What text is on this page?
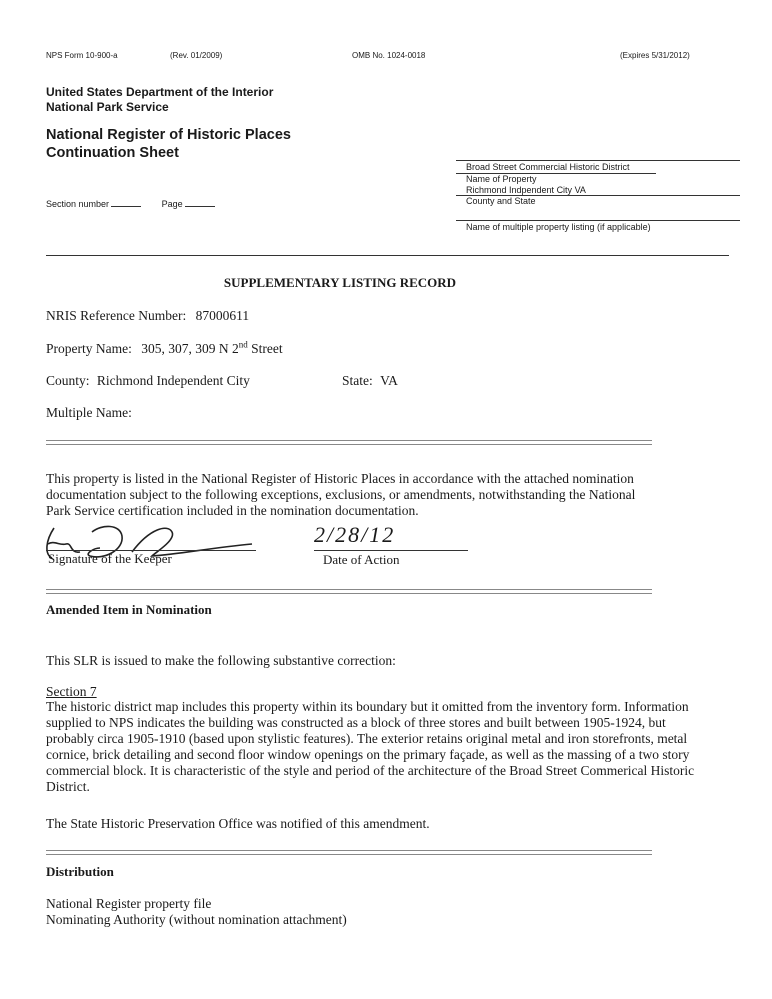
NPS Form 10-900-a	(Rev. 01/2009)	OMB No. 1024-0018	(Expires 5/31/2012)
United States Department of the Interior
National Park Service
National Register of Historic Places
Continuation Sheet
Section number	Page
Broad Street Commercial Historic District
Name of Property
Richmond Indpendent City VA
County and State
Name of multiple property listing (if applicable)
SUPPLEMENTARY LISTING RECORD
NRIS Reference Number: 87000611
Property Name: 305, 307, 309 N 2nd Street
County: Richmond Independent City	State: VA
Multiple Name:
This property is listed in the National Register of Historic Places in accordance with the attached nomination
documentation subject to the following exceptions, exclusions, or amendments, notwithstanding the National
Park Service certification included in the nomination documentation.
Signature of the Keeper
2/28/12
Date of Action
Amended Item in Nomination
This SLR is issued to make the following substantive correction:
Section 7
The historic district map includes this property within its boundary but it omitted from the inventory form. Information
supplied to NPS indicates the building was constructed as a block of three stores and built between 1905-1924, but
probably circa 1905-1910 (based upon stylistic features). The exterior retains original metal and iron storefronts, metal
cornice, brick detailing and second floor window openings on the primary façade, as well as the massing of a two story
commercial block. It is characteristic of the style and period of the architecture of the Broad Street Commerical Historic
District.
The State Historic Preservation Office was notified of this amendment.
Distribution
National Register property file
Nominating Authority (without nomination attachment)
